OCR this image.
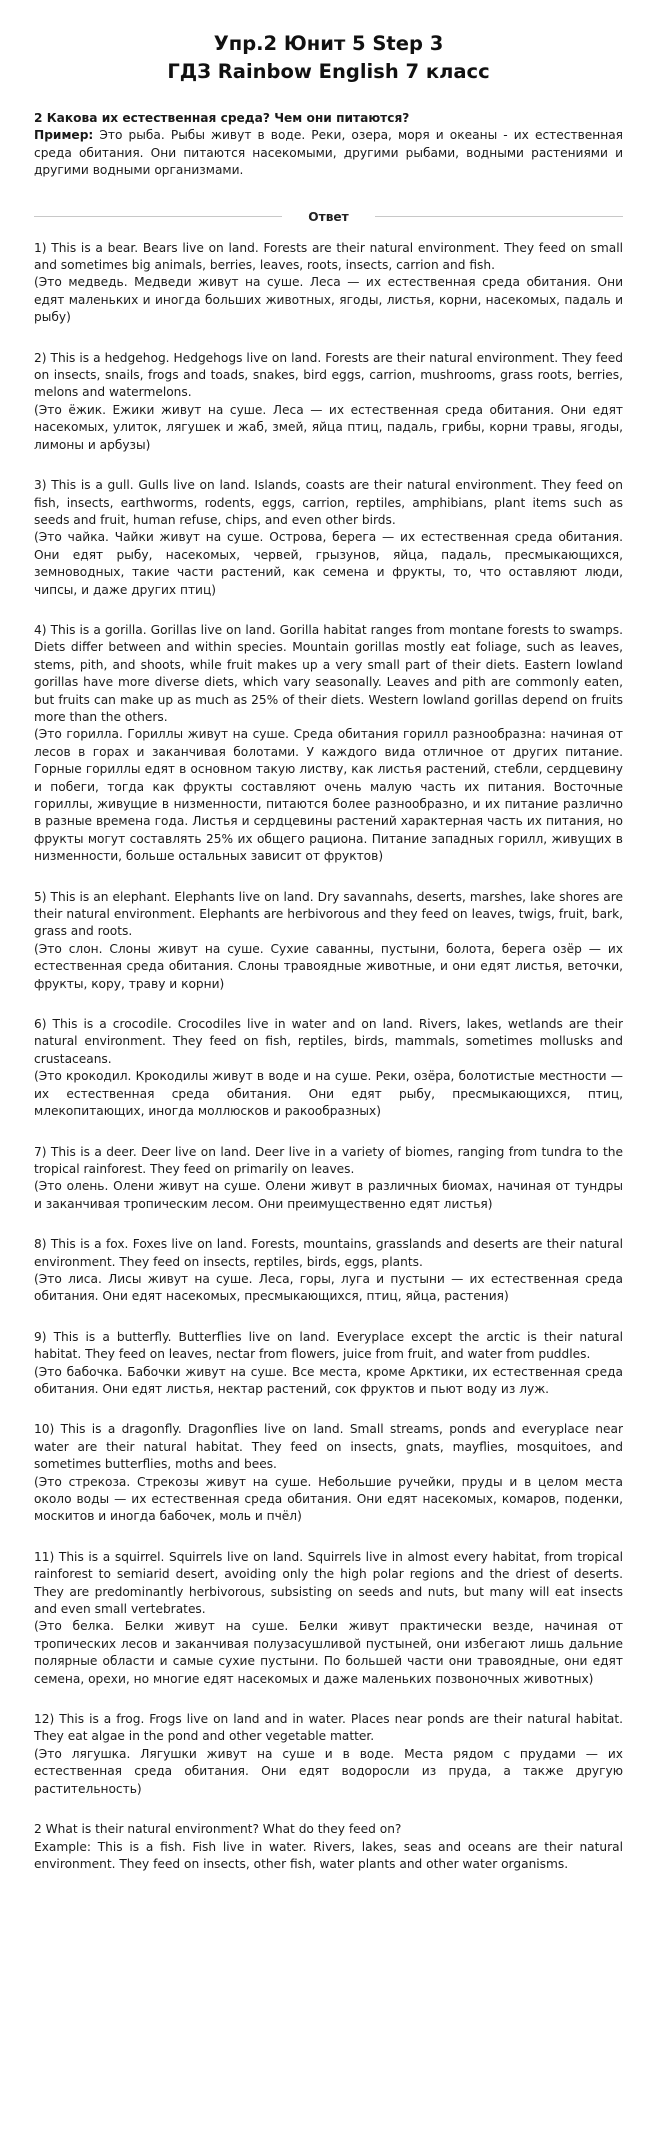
Упр.2 Юнит 5 Step 3
ГДЗ Rainbow English 7 класс
2 Какова их естественная среда? Чем они питаются?
Пример: Это рыба. Рыбы живут в воде. Реки, озера, моря и океаны - их естественная среда обитания. Они питаются насекомыми, другими рыбами, водными растениями и другими водными организмами.
Ответ
1) This is a bear. Bears live on land. Forests are their natural environment. They feed on small and sometimes big animals, berries, leaves, roots, insects, carrion and fish.
(Это медведь. Медведи живут на суше. Леса — их естественная среда обитания. Они едят маленьких и иногда больших животных, ягоды, листья, корни, насекомых, падаль и рыбу)
2) This is a hedgehog. Hedgehogs live on land. Forests are their natural environment. They feed on insects, snails, frogs and toads, snakes, bird eggs, carrion, mushrooms, grass roots, berries, melons and watermelons.
(Это ёжик. Ежики живут на суше. Леса — их естественная среда обитания. Они едят насекомых, улиток, лягушек и жаб, змей, яйца птиц, падаль, грибы, корни травы, ягоды, лимоны и арбузы)
3) This is a gull. Gulls live on land. Islands, coasts are their natural environment. They feed on fish, insects, earthworms, rodents, eggs, carrion, reptiles, amphibians, plant items such as seeds and fruit, human refuse, chips, and even other birds.
(Это чайка. Чайки живут на суше. Острова, берега — их естественная среда обитания. Они едят рыбу, насекомых, червей, грызунов, яйца, падаль, пресмыкающихся, земноводных, такие части растений, как семена и фрукты, то, что оставляют люди, чипсы, и даже других птиц)
4) This is a gorilla. Gorillas live on land. Gorilla habitat ranges from montane forests to swamps. Diets differ between and within species. Mountain gorillas mostly eat foliage, such as leaves, stems, pith, and shoots, while fruit makes up a very small part of their diets. Eastern lowland gorillas have more diverse diets, which vary seasonally. Leaves and pith are commonly eaten, but fruits can make up as much as 25% of their diets. Western lowland gorillas depend on fruits more than the others.
(Это горилла. Гориллы живут на суше. Среда обитания горилл разнообразна: начиная от лесов в горах и заканчивая болотами. У каждого вида отличное от других питание. Горные гориллы едят в основном такую листву, как листья растений, стебли, сердцевину и побеги, тогда как фрукты составляют очень малую часть их питания. Восточные гориллы, живущие в низменности, питаются более разнообразно, и их питание различно в разные времена года. Листья и сердцевины растений характерная часть их питания, но фрукты могут составлять 25% их общего рациона. Питание западных горилл, живущих в низменности, больше остальных зависит от фруктов)
5) This is an elephant. Elephants live on land. Dry savannahs, deserts, marshes, lake shores are their natural environment. Elephants are herbivorous and they feed on leaves, twigs, fruit, bark, grass and roots.
(Это слон. Слоны живут на суше. Сухие саванны, пустыни, болота, берега озёр — их естественная среда обитания. Слоны травоядные животные, и они едят листья, веточки, фрукты, кору, траву и корни)
6) This is a crocodile. Crocodiles live in water and on land. Rivers, lakes, wetlands are their natural environment. They feed on fish, reptiles, birds, mammals, sometimes mollusks and crustaceans.
(Это крокодил. Крокодилы живут в воде и на суше. Реки, озёра, болотистые местности — их естественная среда обитания. Они едят рыбу, пресмыкающихся, птиц, млекопитающих, иногда моллюсков и ракообразных)
7) This is a deer. Deer live on land. Deer live in a variety of biomes, ranging from tundra to the tropical rainforest. They feed on primarily on leaves.
(Это олень. Олени живут на суше. Олени живут в различных биомах, начиная от тундры и заканчивая тропическим лесом. Они преимущественно едят листья)
8) This is a fox. Foxes live on land. Forests, mountains, grasslands and deserts are their natural environment. They feed on insects, reptiles, birds, eggs, plants.
(Это лиса. Лисы живут на суше. Леса, горы, луга и пустыни — их естественная среда обитания. Они едят насекомых, пресмыкающихся, птиц, яйца, растения)
9) This is a butterfly. Butterflies live on land. Everyplace except the arctic is their natural habitat. They feed on leaves, nectar from flowers, juice from fruit, and water from puddles.
(Это бабочка. Бабочки живут на суше. Все места, кроме Арктики, их естественная среда обитания. Они едят листья, нектар растений, сок фруктов и пьют воду из луж.
10) This is a dragonfly. Dragonflies live on land. Small streams, ponds and everyplace near water are their natural habitat. They feed on insects, gnats, mayflies, mosquitoes, and sometimes butterflies, moths and bees.
(Это стрекоза. Стрекозы живут на суше. Небольшие ручейки, пруды и в целом места около воды — их естественная среда обитания. Они едят насекомых, комаров, поденки, москитов и иногда бабочек, моль и пчёл)
11) This is a squirrel. Squirrels live on land. Squirrels live in almost every habitat, from tropical rainforest to semiarid desert, avoiding only the high polar regions and the driest of deserts. They are predominantly herbivorous, subsisting on seeds and nuts, but many will eat insects and even small vertebrates.
(Это белка. Белки живут на суше. Белки живут практически везде, начиная от тропических лесов и заканчивая полузасушливой пустыней, они избегают лишь дальние полярные области и самые сухие пустыни. По большей части они травоядные, они едят семена, орехи, но многие едят насекомых и даже маленьких позвоночных животных)
12) This is a frog. Frogs live on land and in water. Places near ponds are their natural habitat. They eat algae in the pond and other vegetable matter.
(Это лягушка. Лягушки живут на суше и в воде. Места рядом с прудами — их естественная среда обитания. Они едят водоросли из пруда, а также другую растительность)
2 What is their natural environment? What do they feed on?
Example: This is a fish. Fish live in water. Rivers, lakes, seas and oceans are their natural environment. They feed on insects, other fish, water plants and other water organisms.
